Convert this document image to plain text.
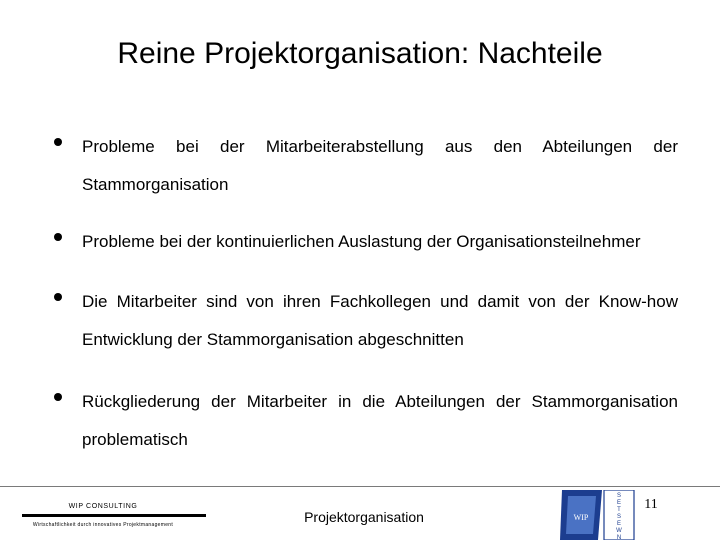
Reine Projektorganisation: Nachteile
Probleme bei der Mitarbeiterabstellung aus den Abteilungen der
Stammorganisation
Probleme bei der kontinuierlichen Auslastung der Organisationsteilnehmer
Die Mitarbeiter sind von ihren Fachkollegen und damit von der Know-how
Entwicklung der Stammorganisation abgeschnitten
Rückgliederung der Mitarbeiter in die Abteilungen der Stammorganisation
problematisch
WIP CONSULTING
Wirtschaftlichkeit durch innovatives Projektmanagement	Projektorganisation
11
WIP
S
E
T
S
E
W
N
